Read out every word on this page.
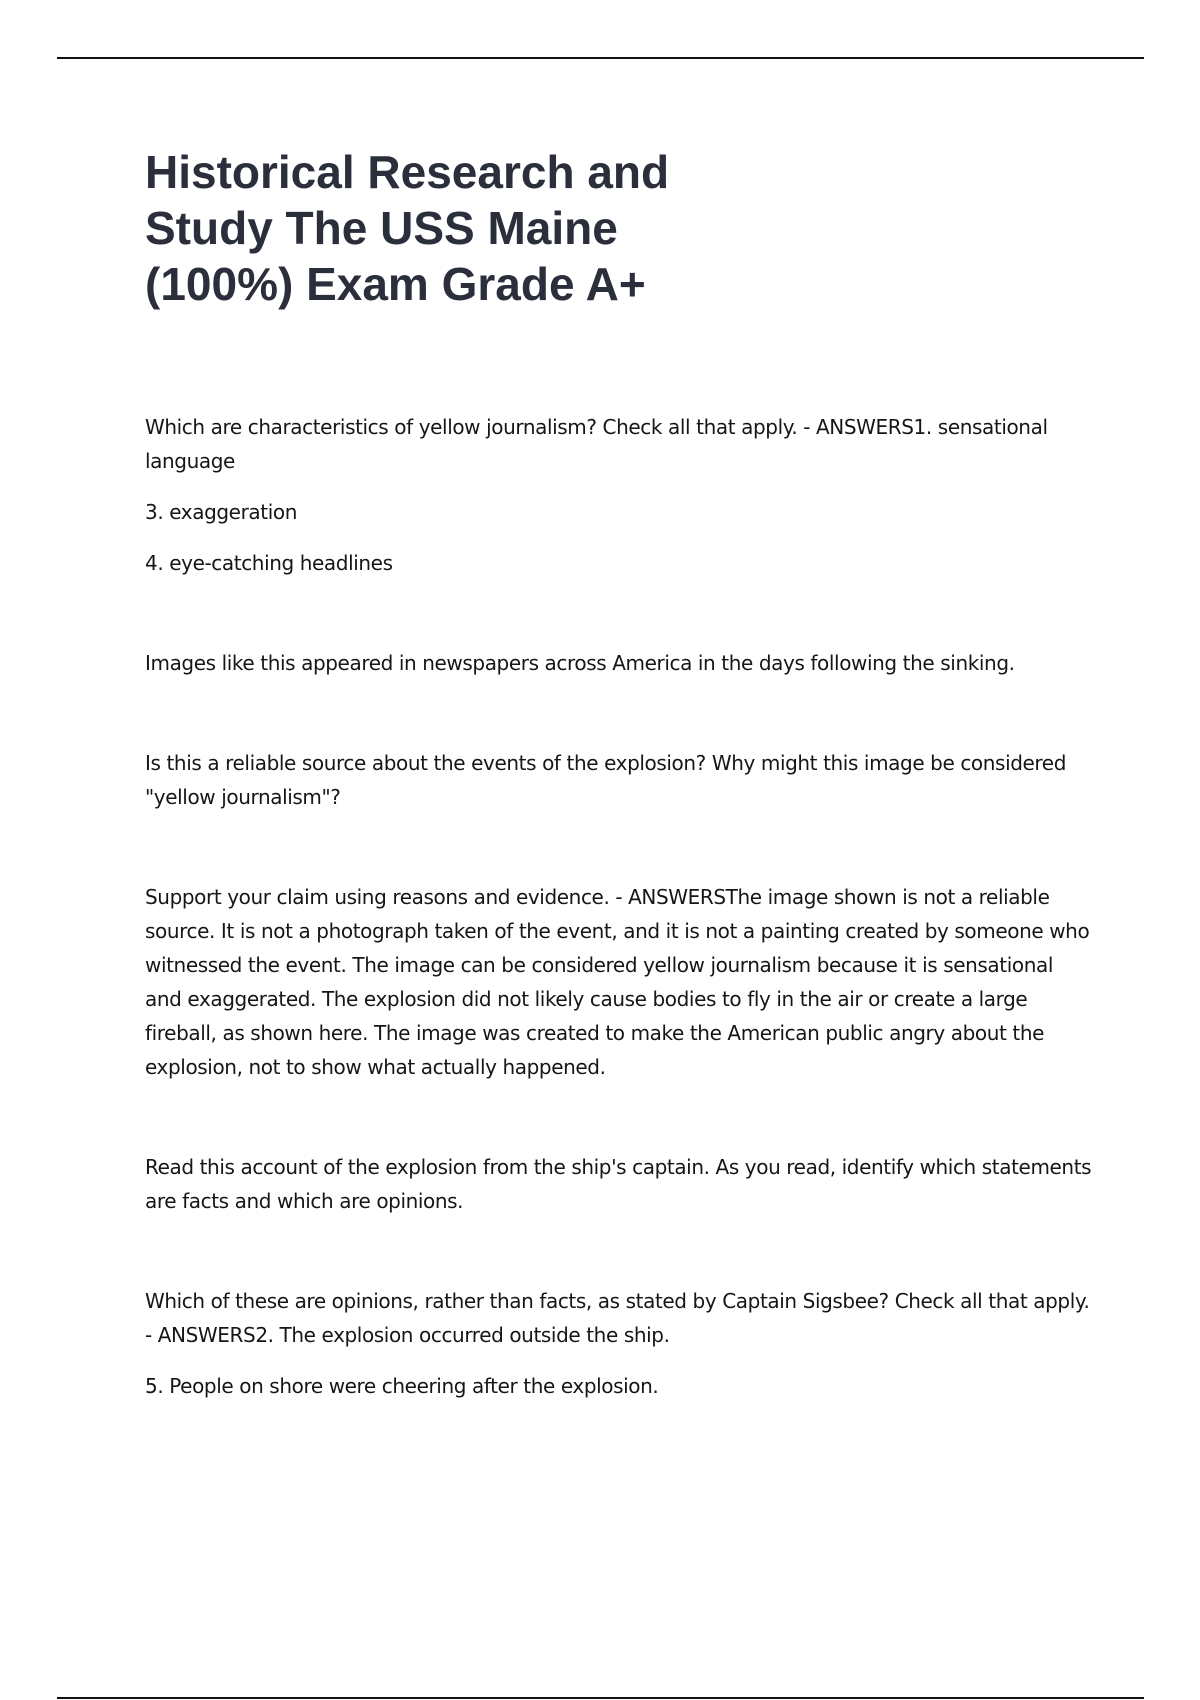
Historical Research and Study The USS Maine (100%) Exam Grade A+

Which are characteristics of yellow journalism? Check all that apply. - ANSWERS1. sensational language

3. exaggeration

4. eye-catching headlines

Images like this appeared in newspapers across America in the days following the sinking.

Is this a reliable source about the events of the explosion? Why might this image be considered "yellow journalism"?

Support your claim using reasons and evidence. - ANSWERSThe image shown is not a reliable source. It is not a photograph taken of the event, and it is not a painting created by someone who witnessed the event. The image can be considered yellow journalism because it is sensational and exaggerated. The explosion did not likely cause bodies to fly in the air or create a large fireball, as shown here. The image was created to make the American public angry about the explosion, not to show what actually happened.

Read this account of the explosion from the ship's captain. As you read, identify which statements are facts and which are opinions.

Which of these are opinions, rather than facts, as stated by Captain Sigsbee? Check all that apply. - ANSWERS2. The explosion occurred outside the ship.

5. People on shore were cheering after the explosion.
